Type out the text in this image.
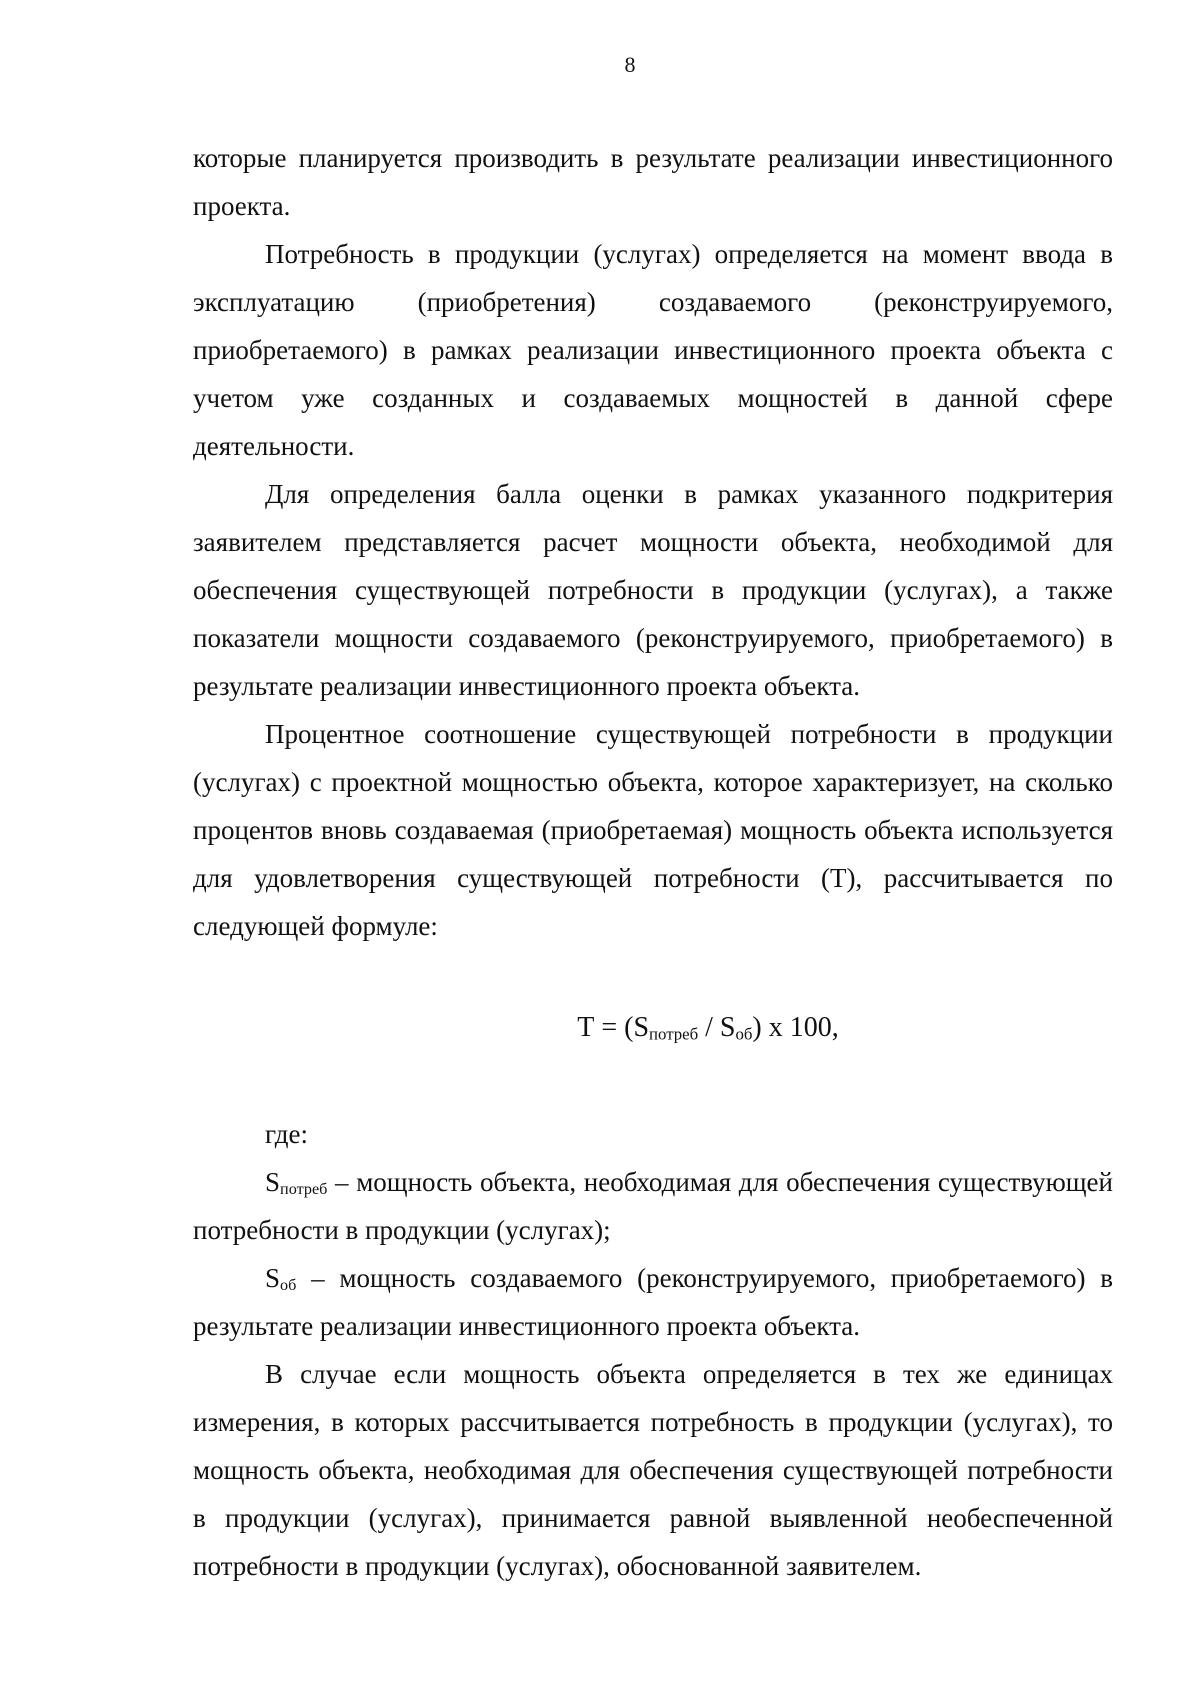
8

которые планируется производить в результате реализации инвестиционного проекта.

Потребность в продукции (услугах) определяется на момент ввода в эксплуатацию (приобретения) создаваемого (реконструируемого, приобретаемого) в рамках реализации инвестиционного проекта объекта с учетом уже созданных и создаваемых мощностей в данной сфере деятельности.

Для определения балла оценки в рамках указанного подкритерия заявителем представляется расчет мощности объекта, необходимой для обеспечения существующей потребности в продукции (услугах), а также показатели мощности создаваемого (реконструируемого, приобретаемого) в результате реализации инвестиционного проекта объекта.

Процентное соотношение существующей потребности в продукции (услугах) с проектной мощностью объекта, которое характеризует, на сколько процентов вновь создаваемая (приобретаемая) мощность объекта используется для удовлетворения существующей потребности (Т), рассчитывается по следующей формуле:

$Т = (S_{потреб} / S_{об})$ х 100,

где:

$S_{потреб}$ – мощность объекта, необходимая для обеспечения существующей потребности в продукции (услугах);

$S_{об}$ – мощность создаваемого (реконструируемого, приобретаемого) в результате реализации инвестиционного проекта объекта.

В случае если мощность объекта определяется в тех же единицах измерения, в которых рассчитывается потребность в продукции (услугах), то мощность объекта, необходимая для обеспечения существующей потребности в продукции (услугах), принимается равной выявленной необеспеченной потребности в продукции (услугах), обоснованной заявителем.
